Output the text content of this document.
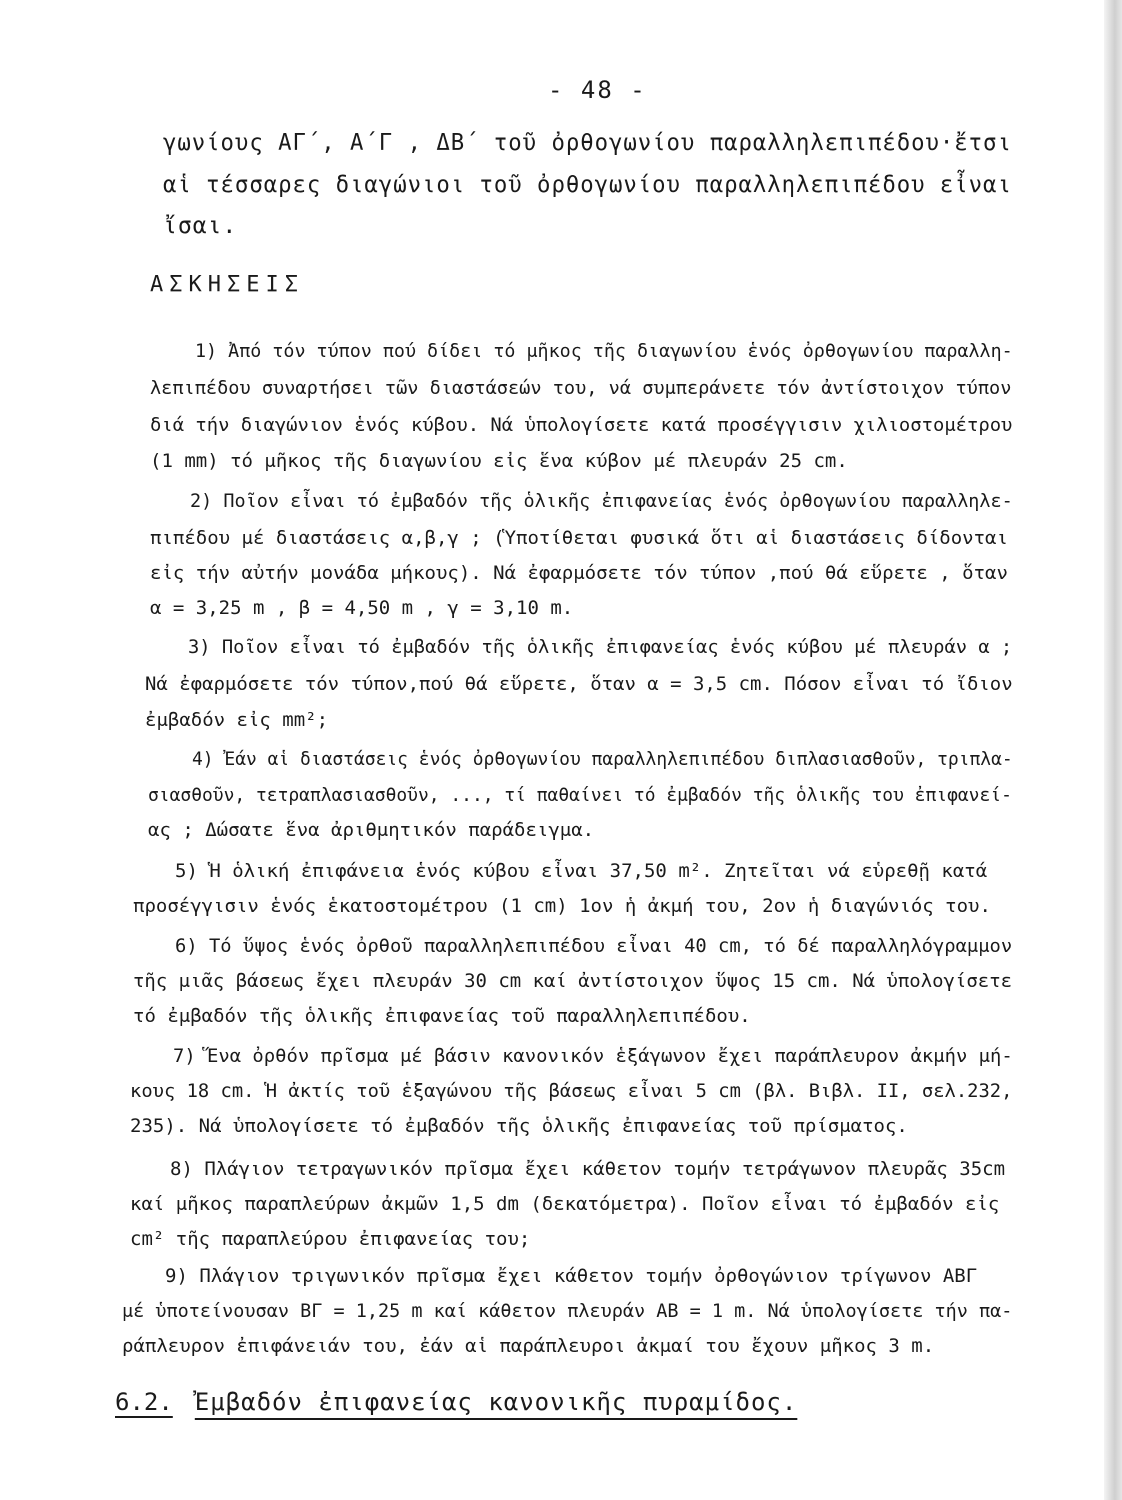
- 48 -
γωνίους ΑΓ΄, Α΄Γ , ΔΒ΄ τοῦ ὀρθογωνίου παραλληλεπιπέδου·ἔτσι
αἱ τέσσαρες διαγώνιοι τοῦ ὀρθογωνίου παραλληλεπιπέδου εἶναι
ἴσαι.
ΑΣΚΗΣΕΙΣ
1) Ἀπό τόν τύπον πού δίδει τό μῆκος τῆς διαγωνίου ἑνός ὀρθογωνίου παραλλη-
λεπιπέδου συναρτήσει τῶν διαστάσεών του, νά συμπεράνετε τόν ἀντίστοιχον τύπον
διά τήν διαγώνιον ἑνός κύβου. Νά ὑπολογίσετε κατά προσέγγισιν χιλιοστομέτρου
(1 mm) τό μῆκος τῆς διαγωνίου εἰς ἕνα κύβον μέ πλευράν 25 cm.
2) Ποῖον εἶναι τό ἐμβαδόν τῆς ὁλικῆς ἐπιφανείας ἑνός ὀρθογωνίου παραλληλε-
πιπέδου μέ διαστάσεις α,β,γ ; (Ὑποτίθεται φυσικά ὅτι αἱ διαστάσεις δίδονται
εἰς τήν αὐτήν μονάδα μήκους). Νά ἐφαρμόσετε τόν τύπον ,πού θά εὕρετε , ὅταν
α = 3,25 m , β = 4,50 m , γ = 3,10 m.
3) Ποῖον εἶναι τό ἐμβαδόν τῆς ὁλικῆς ἐπιφανείας ἑνός κύβου μέ πλευράν α ;
Νά ἐφαρμόσετε τόν τύπον,πού θά εὕρετε, ὅταν α = 3,5 cm. Πόσον εἶναι τό ἴδιον
ἐμβαδόν εἰς mm²;
4) Ἐάν αἱ διαστάσεις ἑνός ὀρθογωνίου παραλληλεπιπέδου διπλασιασθοῦν, τριπλα-
σιασθοῦν, τετραπλασιασθοῦν, ..., τί παθαίνει τό ἐμβαδόν τῆς ὁλικῆς του ἐπιφανεί-
ας ; Δώσατε ἕνα ἀριθμητικόν παράδειγμα.
5) Ἡ ὁλική ἐπιφάνεια ἑνός κύβου εἶναι 37,50 m². Ζητεῖται νά εὑρεθῇ κατά
προσέγγισιν ἑνός ἑκατοστομέτρου (1 cm) 1ον ἡ ἀκμή του, 2ον ἡ διαγώνιός του.
6) Τό ὕψος ἑνός ὀρθοῦ παραλληλεπιπέδου εἶναι 40 cm, τό δέ παραλληλόγραμμον
τῆς μιᾶς βάσεως ἔχει πλευράν 30 cm καί ἀντίστοιχον ὕψος 15 cm. Νά ὑπολογίσετε
τό ἐμβαδόν τῆς ὁλικῆς ἐπιφανείας τοῦ παραλληλεπιπέδου.
7) Ἕνα ὀρθόν πρῖσμα μέ βάσιν κανονικόν ἑξάγωνον ἔχει παράπλευρον ἀκμήν μή-
κους 18 cm. Ἡ ἀκτίς τοῦ ἑξαγώνου τῆς βάσεως εἶναι 5 cm (βλ. Βιβλ. ΙΙ, σελ.232,
235). Νά ὑπολογίσετε τό ἐμβαδόν τῆς ὁλικῆς ἐπιφανείας τοῦ πρίσματος.
8) Πλάγιον τετραγωνικόν πρῖσμα ἔχει κάθετον τομήν τετράγωνον πλευρᾶς 35cm
καί μῆκος παραπλεύρων ἀκμῶν 1,5 dm (δεκατόμετρα). Ποῖον εἶναι τό ἐμβαδόν εἰς
cm² τῆς παραπλεύρου ἐπιφανείας του;
9) Πλάγιον τριγωνικόν πρῖσμα ἔχει κάθετον τομήν ὀρθογώνιον τρίγωνον ΑΒΓ
μέ ὑποτείνουσαν ΒΓ = 1,25 m καί κάθετον πλευράν ΑΒ = 1 m. Νά ὑπολογίσετε τήν πα-
ράπλευρον ἐπιφάνειάν του, ἐάν αἱ παράπλευροι ἀκμαί του ἔχουν μῆκος 3 m.
6.2. Ἐμβαδόν ἐπιφανείας κανονικῆς πυραμίδος.
